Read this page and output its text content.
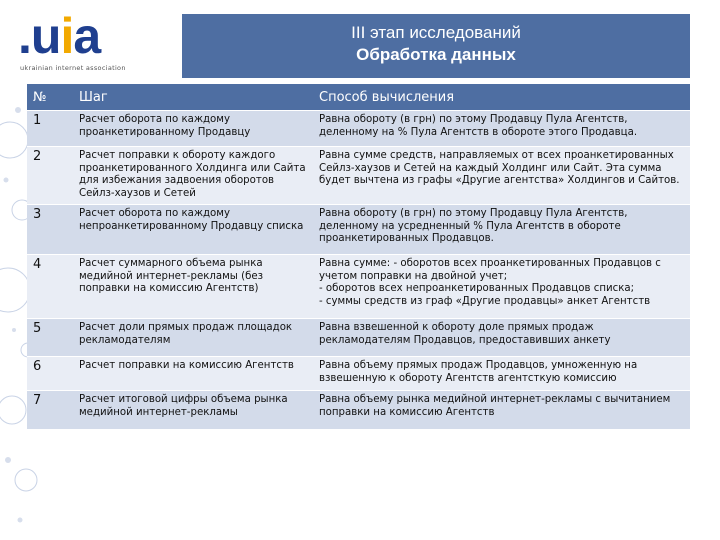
.uia
ukrainian internet association
III этап исследований
Обработка данных
№	Шаг	Способ вычисления
1	Расчет оборота по каждому проанкетированному Продавцу	Равна обороту (в грн) по этому Продавцу Пула Агентств, деленному на % Пула Агентств в обороте этого Продавца.
2	Расчет поправки к обороту каждого проанкетированного Холдинга или Сайта для избежания задвоения оборотов Сейлз-хаузов и Сетей	Равна сумме средств, направляемых от всех проанкетированных Сейлз-хаузов и Сетей на каждый Холдинг или Сайт. Эта сумма будет вычтена из графы «Другие агентства» Холдингов и Сайтов.
3	Расчет оборота по каждому непроанкетированному Продавцу списка	Равна обороту (в грн) по этому Продавцу Пула Агентств, деленному на усредненный % Пула Агентств в обороте проанкетированных Продавцов.
4	Расчет суммарного объема рынка медийной интернет-рекламы (без поправки на комиссию Агентств)	Равна сумме: - оборотов всех проанкетированных Продавцов с учетом поправки на двойной учет;
- оборотов всех непроанкетированных Продавцов списка;
- суммы средств из граф «Другие продавцы» анкет Агентств
5	Расчет доли прямых продаж площадок рекламодателям	Равна взвешенной к обороту доле прямых продаж рекламодателям Продавцов, предоставивших анкету
6	Расчет поправки на комиссию Агентств	Равна объему прямых продаж Продавцов, умноженную на взвешенную к обороту Агентств агентсткую комиссию
7	Расчет итоговой цифры объема рынка медийной интернет-рекламы	Равна объему рынка медийной интернет-рекламы с вычитанием поправки на комиссию Агентств
